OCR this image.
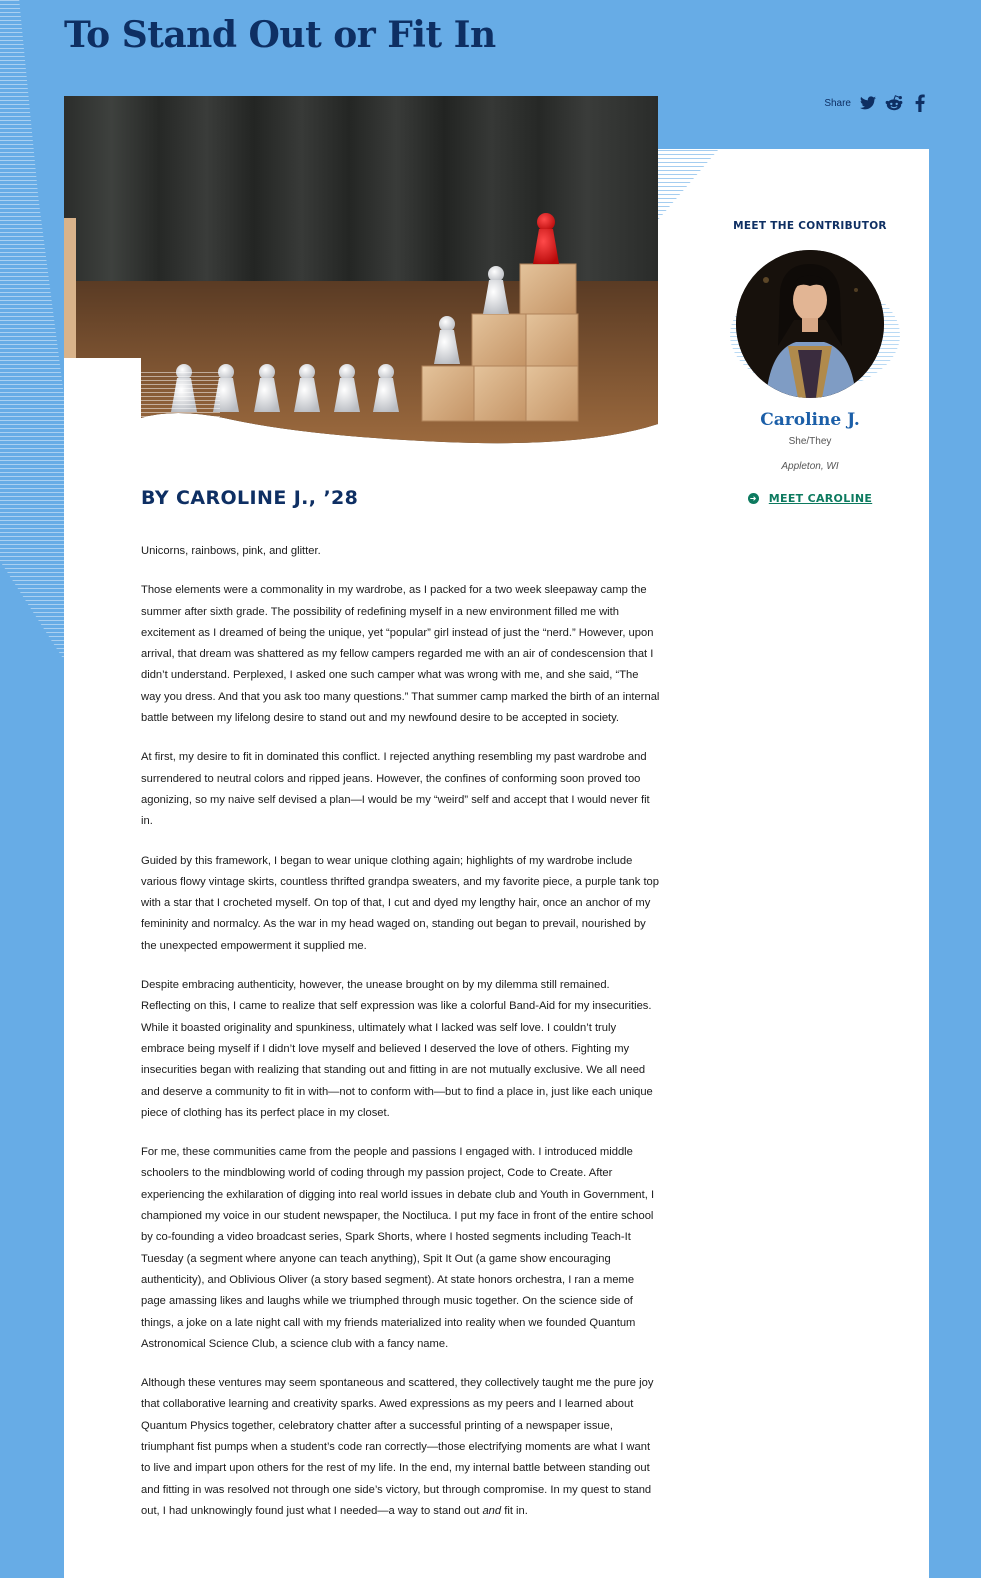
To Stand Out or Fit In
Share
BY CAROLINE J., ’28

Unicorns, rainbows, pink, and glitter.

Those elements were a commonality in my wardrobe, as I packed for a two week sleepaway camp the summer after sixth grade. The possibility of redefining myself in a new environment filled me with excitement as I dreamed of being the unique, yet “popular” girl instead of just the “nerd.” However, upon arrival, that dream was shattered as my fellow campers regarded me with an air of condescension that I didn’t understand. Perplexed, I asked one such camper what was wrong with me, and she said, “The way you dress. And that you ask too many questions.” That summer camp marked the birth of an internal battle between my lifelong desire to stand out and my newfound desire to be accepted in society.

At first, my desire to fit in dominated this conflict. I rejected anything resembling my past wardrobe and surrendered to neutral colors and ripped jeans. However, the confines of conforming soon proved too agonizing, so my naive self devised a plan—I would be my “weird” self and accept that I would never fit in.

Guided by this framework, I began to wear unique clothing again; highlights of my wardrobe include various flowy vintage skirts, countless thrifted grandpa sweaters, and my favorite piece, a purple tank top with a star that I crocheted myself. On top of that, I cut and dyed my lengthy hair, once an anchor of my femininity and normalcy. As the war in my head waged on, standing out began to prevail, nourished by the unexpected empowerment it supplied me.

Despite embracing authenticity, however, the unease brought on by my dilemma still remained. Reflecting on this, I came to realize that self expression was like a colorful Band-Aid for my insecurities. While it boasted originality and spunkiness, ultimately what I lacked was self love. I couldn’t truly embrace being myself if I didn’t love myself and believed I deserved the love of others. Fighting my insecurities began with realizing that standing out and fitting in are not mutually exclusive. We all need and deserve a community to fit in with—not to conform with—but to find a place in, just like each unique piece of clothing has its perfect place in my closet.

For me, these communities came from the people and passions I engaged with. I introduced middle schoolers to the mindblowing world of coding through my passion project, Code to Create. After experiencing the exhilaration of digging into real world issues in debate club and Youth in Government, I championed my voice in our student newspaper, the Noctiluca. I put my face in front of the entire school by co-founding a video broadcast series, Spark Shorts, where I hosted segments including Teach-It Tuesday (a segment where anyone can teach anything), Spit It Out (a game show encouraging authenticity), and Oblivious Oliver (a story based segment). At state honors orchestra, I ran a meme page amassing likes and laughs while we triumphed through music together. On the science side of things, a joke on a late night call with my friends materialized into reality when we founded Quantum Astronomical Science Club, a science club with a fancy name.

Although these ventures may seem spontaneous and scattered, they collectively taught me the pure joy that collaborative learning and creativity sparks. Awed expressions as my peers and I learned about Quantum Physics together, celebratory chatter after a successful printing of a newspaper issue, triumphant fist pumps when a student’s code ran correctly—those electrifying moments are what I want to live and impart upon others for the rest of my life. In the end, my internal battle between standing out and fitting in was resolved not through one side’s victory, but through compromise. In my quest to stand out, I had unknowingly found just what I needed—a way to stand out and fit in.

MEET THE CONTRIBUTOR
Caroline J.
She/They
Appleton, WI
➜ MEET CAROLINE
